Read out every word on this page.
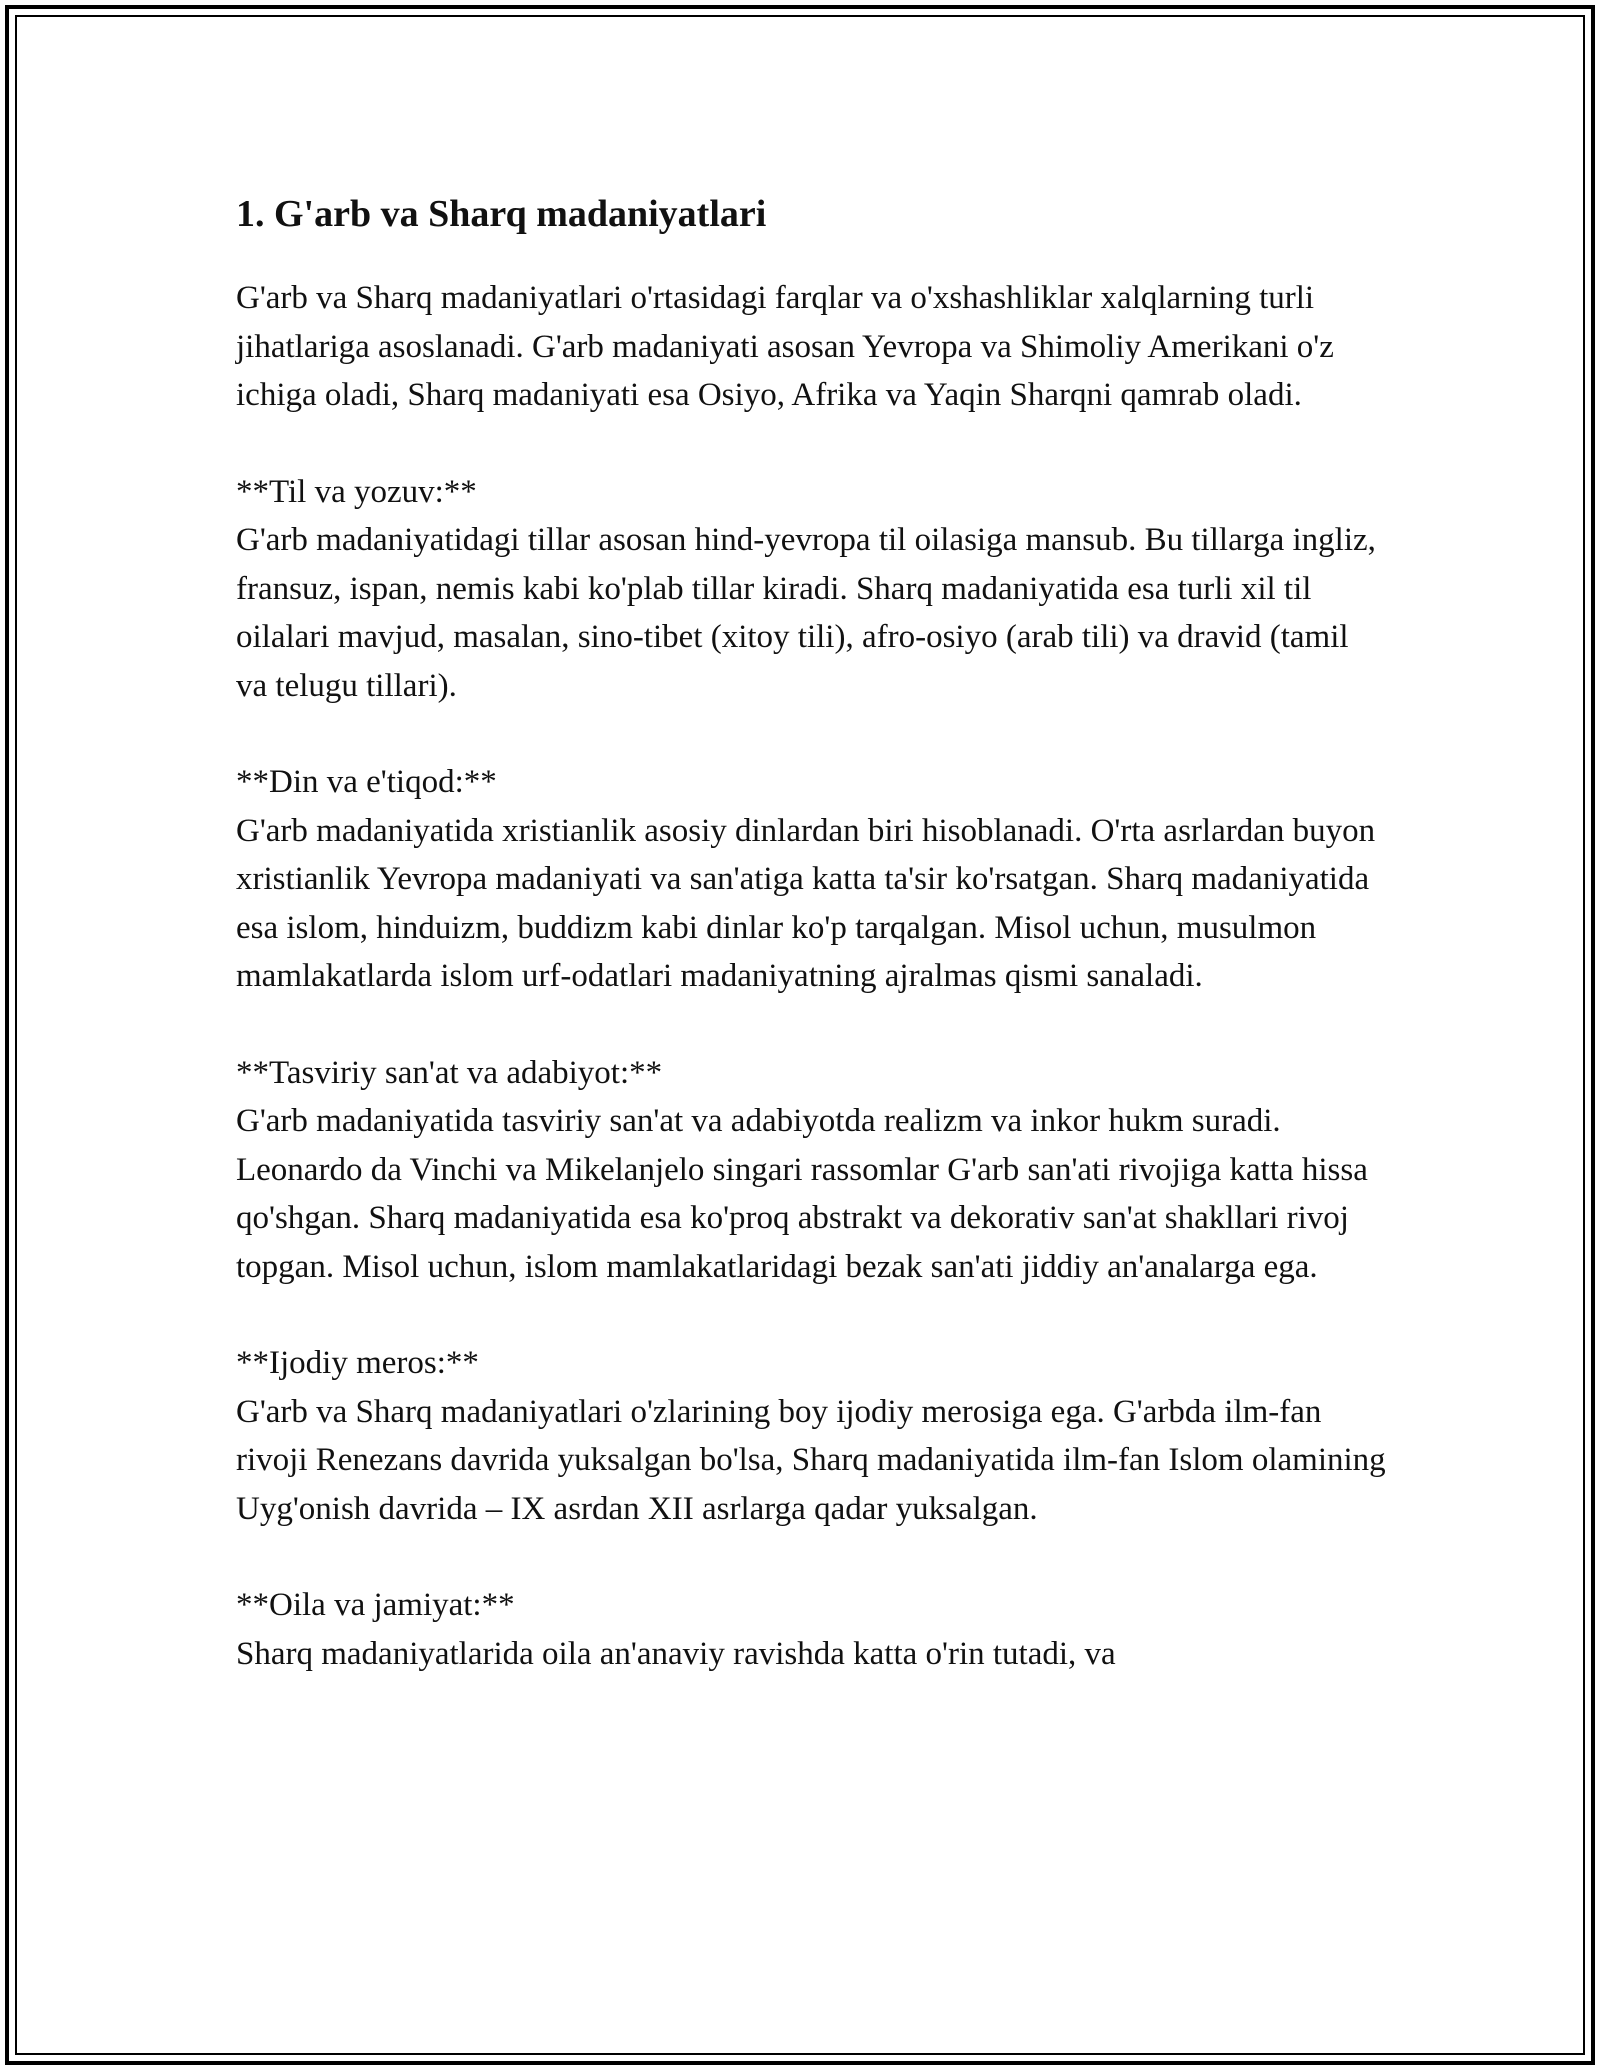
1. G'arb va Sharq madaniyatlari

G'arb va Sharq madaniyatlari o'rtasidagi farqlar va o'xshashliklar xalqlarning turli jihatlariga asoslanadi. G'arb madaniyati asosan Yevropa va Shimoliy Amerikani o'z ichiga oladi, Sharq madaniyati esa Osiyo, Afrika va Yaqin Sharqni qamrab oladi.

**Til va yozuv:**
G'arb madaniyatidagi tillar asosan hind-yevropa til oilasiga mansub. Bu tillarga ingliz, fransuz, ispan, nemis kabi ko'plab tillar kiradi. Sharq madaniyatida esa turli xil til oilalari mavjud, masalan, sino-tibet (xitoy tili), afro-osiyo (arab tili) va dravid (tamil va telugu tillari).
**Din va e'tiqod:**
G'arb madaniyatida xristianlik asosiy dinlardan biri hisoblanadi. O'rta asrlardan buyon xristianlik Yevropa madaniyati va san'atiga katta ta'sir ko'rsatgan. Sharq madaniyatida esa islom, hinduizm, buddizm kabi dinlar ko'p tarqalgan. Misol uchun, musulmon mamlakatlarda islom urf-odatlari madaniyatning ajralmas qismi sanaladi.
**Tasviriy san'at va adabiyot:**
G'arb madaniyatida tasviriy san'at va adabiyotda realizm va inkor hukm suradi. Leonardo da Vinchi va Mikelanjelo singari rassomlar G'arb san'ati rivojiga katta hissa qo'shgan. Sharq madaniyatida esa ko'proq abstrakt va dekorativ san'at shakllari rivoj topgan. Misol uchun, islom mamlakatlaridagi bezak san'ati jiddiy an'analarga ega.
**Ijodiy meros:**
G'arb va Sharq madaniyatlari o'zlarining boy ijodiy merosiga ega. G'arbda ilm-fan rivoji Renezans davrida yuksalgan bo'lsa, Sharq madaniyatida ilm-fan Islom olamining Uyg'onish davrida – IX asrdan XII asrlarga qadar yuksalgan.
**Oila va jamiyat:**
Sharq madaniyatlarida oila an'anaviy ravishda katta o'rin tutadi, va
